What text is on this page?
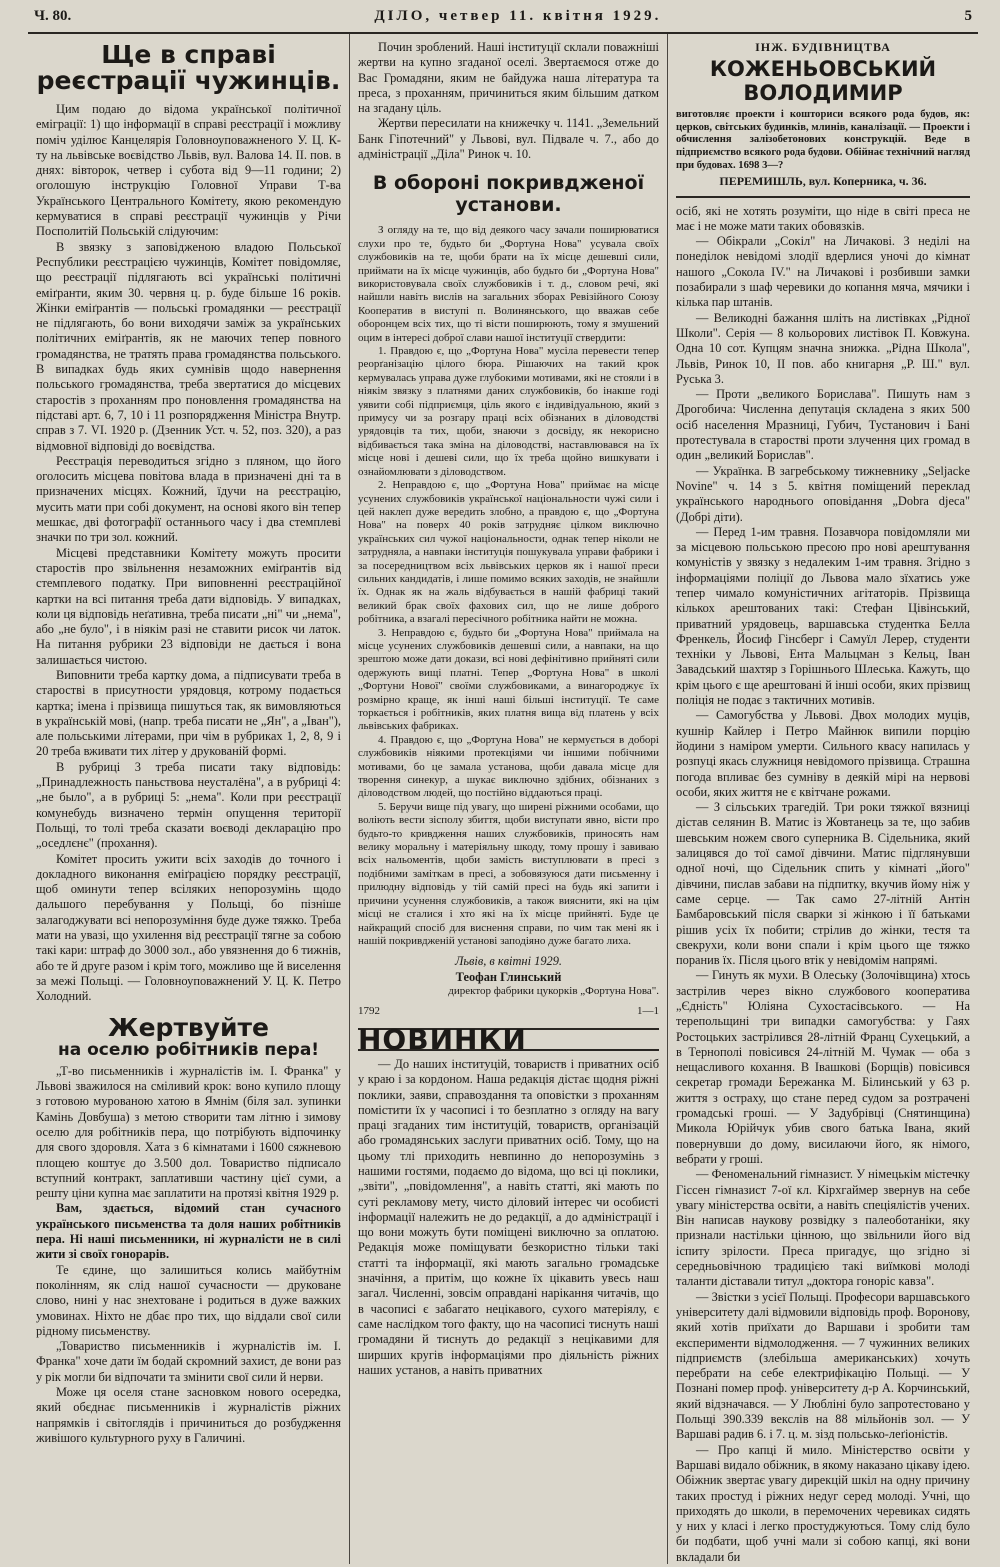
Ч. 80.	ДІЛО, четвер 11. квітня 1929.	5
Ще в справі реєстрації чужинців.

Цим подаю до відома української політичної еміграції: 1) що інформації в справі реєстрації і можливу поміч уділює Канцелярія Головноуповажненого У. Ц. К-ту на львівське воєвідство Львів, вул. Валова 14. II. пов. в днях: вівторок, четвер і субота від 9—11 години; 2) оголошую інструкцію Головної Управи Т-ва Українського Центрального Комітету, якою рекомендую кермуватися в справі реєстрації чужинців у Річи Посполитій Польській слідуючим:

В звязку з заповідженою владою Польської Республики реєстрацією чужинців, Комітет повідомляє, що реєстрації підлягають всі українські політичні еміґранти, яким 30. червня ц. р. буде більше 16 років. Жінки еміґрантів — польські громадянки — реєстрації не підлягають, бо вони виходячи заміж за українських політичних еміґрантів, як не маючих тепер повного громадянства, не тратять права громадянства польського. В випадках будь яких сумнівів щодо навернення польського громадянства, треба звертатися до місцевих старостів з проханням про поновлення громадянства на підставі арт. 6, 7, 10 і 11 розпорядження Міністра Внутр. справ з 7. VI. 1920 р. (Дзенник Уст. ч. 52, поз. 320), а раз відмовної відповіді до воєвідства.

Реєстрація переводиться згідно з пляном, що його оголосить місцева повітова влада в призначені дні та в призначених місцях. Кожний, їдучи на реєстрацію, мусить мати при собі документ, на основі якого він тепер мешкає, дві фотографії останнього часу і два стемплеві значки по три зол. кожний.

Місцеві представники Комітету можуть просити старостів про звільнення незаможних еміґрантів від стемплевого податку. При виповненні реєстраційної картки на всі питання треба дати відповідь. У випадках, коли ця відповідь неґативна, треба писати „ні" чи „нема", або „не було", і в ніякім разі не ставити рисок чи латок. На питання рубрики 23 відповіди не дається і вона залишається чистою.

Виповнити треба картку дома, а підписувати треба в старостві в присутности урядовця, котрому подається картка; імена і прізвища пишуться так, як вимовляються в українській мові, (напр. треба писати не „Ян", а „Іван"), але польськими літерами, при чім в рубриках 1, 2, 8, 9 і 20 треба вживати тих літер у друкованій формі.

В рубриці 3 треба писати таку відповідь: „Принадлежность паньствова неусталёна", а в рубриці 4: „не было", а в рубриці 5: „нема". Коли при реєстрації комунебудь визначено термін опущення території Польщі, то толі треба сказати воєводі декларацію про „оседлєнє" (прохання).

Комітет просить ужити всіх заходів до точного і докладного виконання еміґрацією порядку реєстрації, щоб оминути тепер всіляких непорозумінь щодо дальшого перебування у Польщі, бо пізніше залагоджувати всі непорозуміння буде дуже тяжко. Треба мати на увазі, що ухилення від реєстрації тягне за собою такі кари: штраф до 3000 зол., або увязнення до 6 тижнів, або те й друге разом і крім того, можливо ще й виселення за межі Польщі. — Головноуповажнений У. Ц. К. Петро Холодний.

Жертвуйте
на оселю робітників пера!

„Т-во письменників і журналістів ім. І. Франка" у Львові зважилося на сміливий крок: воно купило площу з готовою мурованою хатою в Ямнім (біля зал. зупинки Камінь Довбуша) з метою створити там літню і зимову оселю для робітників пера, що потрібують відпочинку для свого здоровля. Хата з 6 кімнатами і 1600 сяжневою площею коштує до 3.500 дол. Товариство підписало вступний контракт, заплативши частину цієї суми, а решту ціни купна має заплатити на протязі квітня 1929 р.

Вам, здається, відомий стан сучасного українського письменства та доля наших робітників пера. Ні наші письменники, ні журналісти не в силі жити зі своїх гонорарів.

Те єдине, що залишиться колись майбутнім поколінням, як слід нашої сучасности — друковане слово, нині у нас знехтоване і родиться в дуже важких умовинах. Ніхто не дбає про тих, що віддали свої сили рідному письменству.

„Товариство письменників і журналістів ім. І. Франка" хоче дати їм бодай скромний захист, де вони раз у рік могли би відпочати та змінити свої сили й нерви.

Може ця оселя стане засновком нового осередка, який обєднає письменників і журналістів ріжних напрямків і світоглядів і причиниться до розбудження живішого культурного руху в Галичині.

Почин зроблений. Наші інституції склали поважніші жертви на купно згаданої оселі. Звертаємося отже до Вас Громадяни, яким не байдужа наша література та преса, з проханням, причиниться яким більшим датком на згадану ціль.

Жертви пересилати на книжечку ч. 1141. „Земельний Банк Гіпотечний" у Львові, вул. Підвале ч. 7., або до адміністрації „Діла" Ринок ч. 10.

В обороні покривдженої установи.

З огляду на те, що від деякого часу зачали поширюватися слухи про те, будьто би „Фортуна Нова" усувала своїх службовиків на те, щоби брати на їх місце дешевші сили, приймати на їх місце чужинців, або будьто би „Фортуна Нова" використовувала своїх службовиків і т. д., словом речі, які найшли навіть вислів на загальних зборах Ревізійного Союзу Кооператив в виступі п. Волинянського, що вважав себе оборонцем всіх тих, що ті вісти поширюють, тому я змушений оцим в інтересі доброї слави нашої інституції ствердити:

1. Правдою є, що „Фортуна Нова" мусіла перевести тепер реорґанізацію цілого бюра. Рішаючих на такий крок кермувалась управа дуже глубокими мотивами, які не стояли і в ніякім звязку з платнями даних службовиків, бо інакше годі уявити собі підприємця, ціль якого є індивідуальною, який з примусу чи за розгару праці всіх обізнаних в діловодстві урядовців та тих, щоби, знаючи з досвіду, як некорисно відбивається така зміна на діловодстві, наставлювався на їх місце нові і дешеві сили, що їх треба щойно вишкувати і ознайомлювати з діловодством.

2. Неправдою є, що „Фортуна Нова" приймає на місце усунених службовиків української національности чужі сили і цей наклеп дуже вередить злобно, а правдою є, що „Фортуна Нова" на поверх 40 років затрудняє цілком виключно українських сил чужої національности, однак тепер ніколи не затрудняла, а навпаки інституція пошукувала управи фабрики і за посередництвом всіх львівських церков як і нашої преси сильних кандидатів, і лише помимо всяких заходів, не знайшли їх. Однак як на жаль відбувається в нашій фабриці такий великий брак своїх фахових сил, що не лише доброго робітника, а взагалі пересічного робітника найти не можна.

3. Неправдою є, будьто би „Фортуна Нова" приймала на місце усунених службовиків дешевші сили, а навпаки, на що зрештою може дати докази, всі нові дефінітивно прийняті сили одержують вищі платні. Тепер „Фортуна Нова" в школі „Фортуни Нової" своїми службовиками, а винагороджує їх розмірно краще, як інші наші більші інституції. Те саме торкається і робітників, яких платня вища від платень у всіх львівських фабриках.

4. Правдою є, що „Фортуна Нова" не кермується в доборі службовиків ніякими протекціями чи іншими побічними мотивами, бо це замала установа, щоби давала місце для творення синекур, а шукає виключно здібних, обізнаних з діловодством людей, що постійно віддаються праці.

5. Беручи вище під увагу, що ширені ріжними особами, що воліють вести зісполу збиття, щоби виступати явно, вісти про будьто-то кривдження наших службовиків, приносять нам велику моральну і матеріяльну шкоду, тому прошу і завиваю всіх нальоментів, щоби замість виступлювати в пресі з подібними заміткам в пресі, а зобовязуюся дати письменну і прилюдну відповідь у тій самій пресі на будь які запити і причини усунення службовиків, а також вияснити, які на цім місці не сталися і хто які на їх місце прийняті. Буде це найкращий спосіб для виснення справи, по чим так мені як і нашій покривдженій установі заподіяно дуже багато лиха.

Львів, в квітні 1929.
Теофан Глинський
директор фабрики цукорків „Фортуна Нова".
1792	1—1
НОВИНКИ

— До наших інституцій, товариств і приватних осіб у краю і за кордоном. Наша редакція дістає щодня ріжні поклики, заяви, справоздання та оповістки з проханням помістити їх у часописі і то безплатно з огляду на вагу праці згаданих тим інституцій, товариств, організацій або громадянських заслуги приватних осіб. Тому, що на цьому тлі приходить невпинно до непорозумінь з нашими гостями, подаємо до відома, що всі ці поклики, „звіти", „повідомлення", а навіть статті, які мають по суті рекламову мету, чисто діловий інтерес чи особисті інформації належить не до редакції, а до адміністрації і що вони можуть бути поміщені виключно за оплатою. Редакція може поміщувати безкористно тільки такі статті та інформації, які мають загально громадське значіння, а притім, що кожне їх цікавить увесь наш загал. Численні, зовсім оправдані нарікання читачів, що в часописі є забагато нецікавого, сухого матеріялу, є саме наслідком того факту, що на часописі тиснуть наші громадяни й тиснуть до редакції з нецікавими для ширших кругів інформаціями про діяльність ріжних наших установ, а навіть приватних

ІНЖ. БУДІВНИЦТВА
КОЖЕНЬОВСЬКИЙ ВОЛОДИМИР
виготовляє проекти і кошториси всякого рода будов, як: церков, світських будинків, млинів, каналізації. — Проекти і обчислення залізобетонових конструкцій. Веде в підприємство всякого рода будови. Обійнає технічний нагляд при будовах. 1698 3—?
ПЕРЕМИШЛЬ, вул. Коперника, ч. 36.

осіб, які не хотять розуміти, що ніде в світі преса не має і не може мати таких обовязків.

— Обікрали „Сокіл" на Личакові. З неділі на понеділок невідомі злодії вдерлися уночі до кімнат нашого „Сокола IV." на Личакові і розбивши замки позабирали з шаф черевики до копання мяча, мячики і кілька пар штанів.

— Великодні бажання шліть на листівках „Рідної Школи". Серія — 8 кольорових листівок П. Ковжуна. Одна 10 сот. Купцям значна знижка. „Рідна Школа", Львів, Ринок 10, II пов. або книгарня „Р. Ш." вул. Руська 3.

— Проти „великого Борислава". Пишуть нам з Дрогобича: Численна депутація складена з яких 500 осіб населення Мразниці, Губич, Тустанович і Бані протестувала в старостві проти злучення цих громад в один „великий Борислав".

— Українка. В загребському тижневнику „Seljacke Novine" ч. 14 з 5. квітня поміщений переклад українського народнього оповідання „Dobra djeca" (Добрі діти).

— Перед 1-им травня. Позавчора повідомляли ми за місцевою польською пресою про нові арештування комуністів у звязку з недалеким 1-им травня. Згідно з інформаціями поліції до Львова мало зїхатись уже тепер чимало комуністичних агітаторів. Прізвища кількох арештованих такі: Стефан Цівінський, приватний урядовець, варшавська студентка Белла Френкель, Йосиф Гінсберг і Самуїл Лерер, студенти техніки у Львові, Ента Мальцман з Кельц, Іван Завадський шахтяр з Горішнього Шлеська. Кажуть, що крім цього є ще арештовані й інші особи, яких прізвищ поліція не подає з тактичних мотивів.

— Самогубства у Львові. Двох молодих муців, кушнір Кайлер і Петро Майнюк випили порцію йодини з наміром умерти. Сильного квасу напилась у розпуці якась служниця невідомого прізвища. Страшна погода впливає без сумніву в деякій мірі на нервові особи, яких життя не є квітчане рожами.

— З сільських трагедій. Три роки тяжкої вязниці дістав селянин В. Матис із Жовтанець за те, що забив шевським ножем свого суперника В. Сідельника, який залицявся до тої самої дівчини. Матис підглянувши одної ночі, що Сідельник спить у кімнаті „його" дівчини, пислав забави на підпитку, вкучив йому ніж у саме серце. — Так само 27-літній Антін Бамбаровський після сварки зі жінкою і її батьками рішив усіх їх побити; стрілив до жінки, тестя та свекрухи, коли вони спали і крім цього ще тяжко поранив їх. Після цього втік у невідомім напрямі.

— Гинуть як мухи. В Олеську (Золочівщина) хтось застрілив через вікно службового кооператива „Єдність" Юліяна Сухостасівського. — На терепольщині три випадки самогубства: у Гаях Ростоцьких застрілився 28-літній Франц Сухецький, а в Тернополі повісився 24-літній М. Чумак — оба з нещасливого кохання. В Івашкові (Борщів) повісився секретар громади Бережанка М. Білинський у 63 р. життя з остраху, що стане перед судом за розтрачені громадські гроші. — У Задубрівці (Снятинщина) Микола Юрійчук убив свого батька Івана, який повернувши до дому, висилаючи його, як німого, вебрати у гроші.

— Феноменальний гімназист. У німецькім містечку Гіссен гімназист 7-ої кл. Кірхгаймер звернув на себе увагу міністерства освіти, а навіть спеціялістів учених. Він написав наукову розвідку з палеоботаніки, яку признали настільки цінною, що звільнили його від іспиту зрілости. Преса пригадує, що згідно зі середньовічною традицією такі виїмкові молоді таланти діставали титул „доктора гоноріс кавза".

— Звістки з усієї Польщі. Професори варшавського університету далі відмовили відповідь проф. Воронову, який хотів приїхати до Варшави і зробити там експерименти відмолодження. — 7 чужинних великих підприємств (злебільша американських) хочуть перебрати на себе електрифікацію Польщі. — У Познані помер проф. університету д-р А. Корчинський, який відзначався. — У Любліні було запротестовано у Польщі 390.339 векслів на 88 мільйонів зол. — У Варшаві радив 6. і 7. ц. м. зізд польсько-леґіоністів.

— Про капці й мило. Міністерство освіти у Варшаві видало обіжник, в якому наказано цікаву ідею. Обіжник звертає увагу дирекцій шкіл на одну причину таких простуд і ріжних недуг серед молоді. Учні, що приходять до школи, в перемочених черевиках сидять у них у класі і легко простуджуються. Тому слід було би подбати, щоб учні мали зі собою капці, які вони вкладали би
